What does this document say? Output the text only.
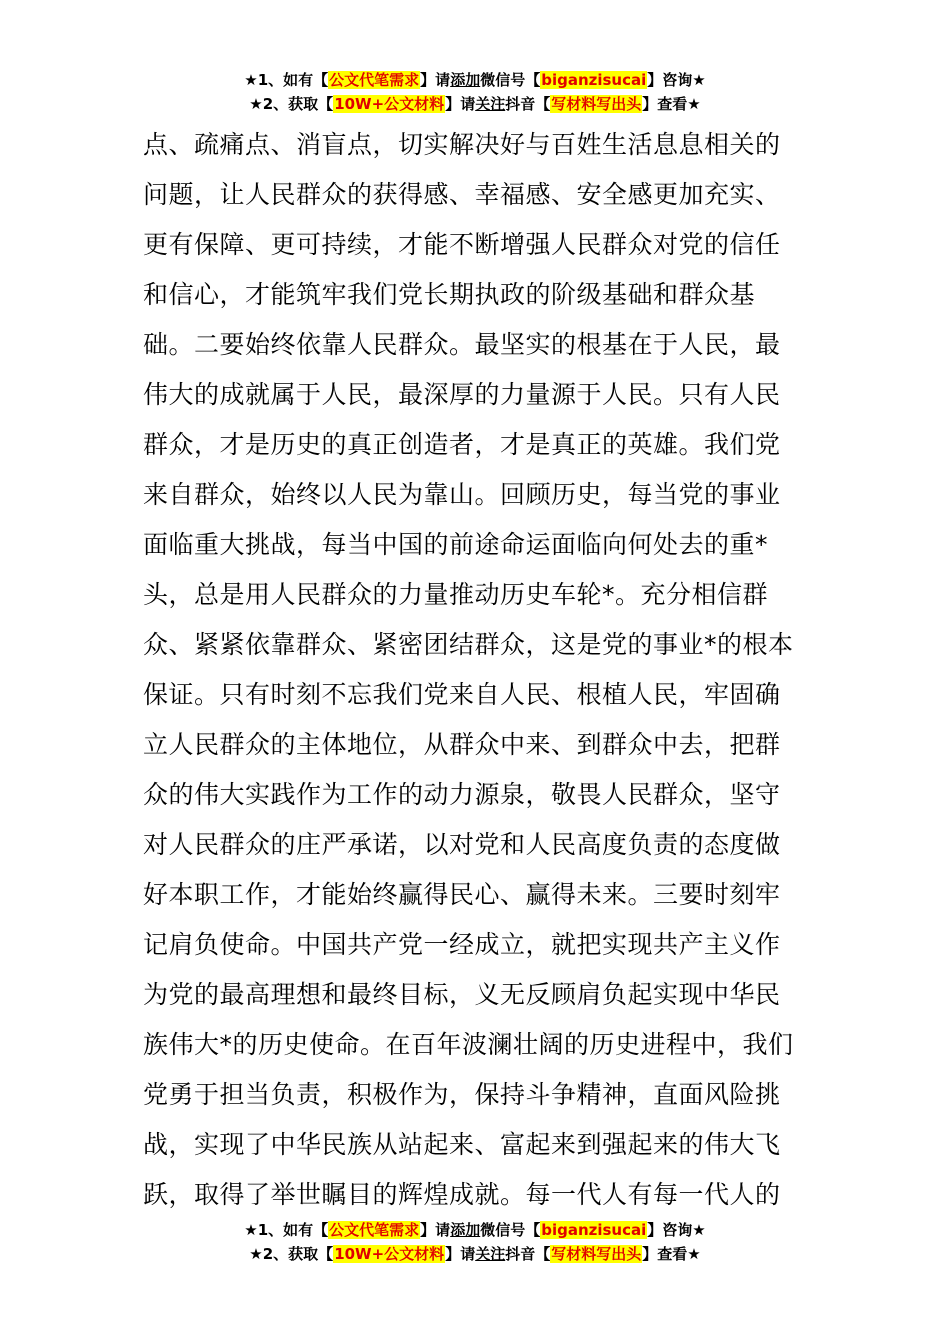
★1、如有【公文代笔需求】请添加微信号【biganzisucai】咨询★
★2、获取【10W+公文材料】请关注抖音【写材料写出头】查看★
点、疏痛点、消盲点，切实解决好与百姓生活息息相关的
问题，让人民群众的获得感、幸福感、安全感更加充实、
更有保障、更可持续，才能不断增强人民群众对党的信任
和信心，才能筑牢我们党长期执政的阶级基础和群众基
础。二要始终依靠人民群众。最坚实的根基在于人民，最
伟大的成就属于人民，最深厚的力量源于人民。只有人民
群众，才是历史的真正创造者，才是真正的英雄。我们党
来自群众，始终以人民为靠山。回顾历史，每当党的事业
面临重大挑战，每当中国的前途命运面临向何处去的重*
头，总是用人民群众的力量推动历史车轮*。充分相信群
众、紧紧依靠群众、紧密团结群众，这是党的事业*的根本
保证。只有时刻不忘我们党来自人民、根植人民，牢固确
立人民群众的主体地位，从群众中来、到群众中去，把群
众的伟大实践作为工作的动力源泉，敬畏人民群众，坚守
对人民群众的庄严承诺，以对党和人民高度负责的态度做
好本职工作，才能始终赢得民心、赢得未来。三要时刻牢
记肩负使命。中国共产党一经成立，就把实现共产主义作
为党的最高理想和最终目标，义无反顾肩负起实现中华民
族伟大*的历史使命。在百年波澜壮阔的历史进程中，我们
党勇于担当负责，积极作为，保持斗争精神，直面风险挑
战，实现了中华民族从站起来、富起来到强起来的伟大飞
跃，取得了举世瞩目的辉煌成就。每一代人有每一代人的
★1、如有【公文代笔需求】请添加微信号【biganzisucai】咨询★
★2、获取【10W+公文材料】请关注抖音【写材料写出头】查看★
